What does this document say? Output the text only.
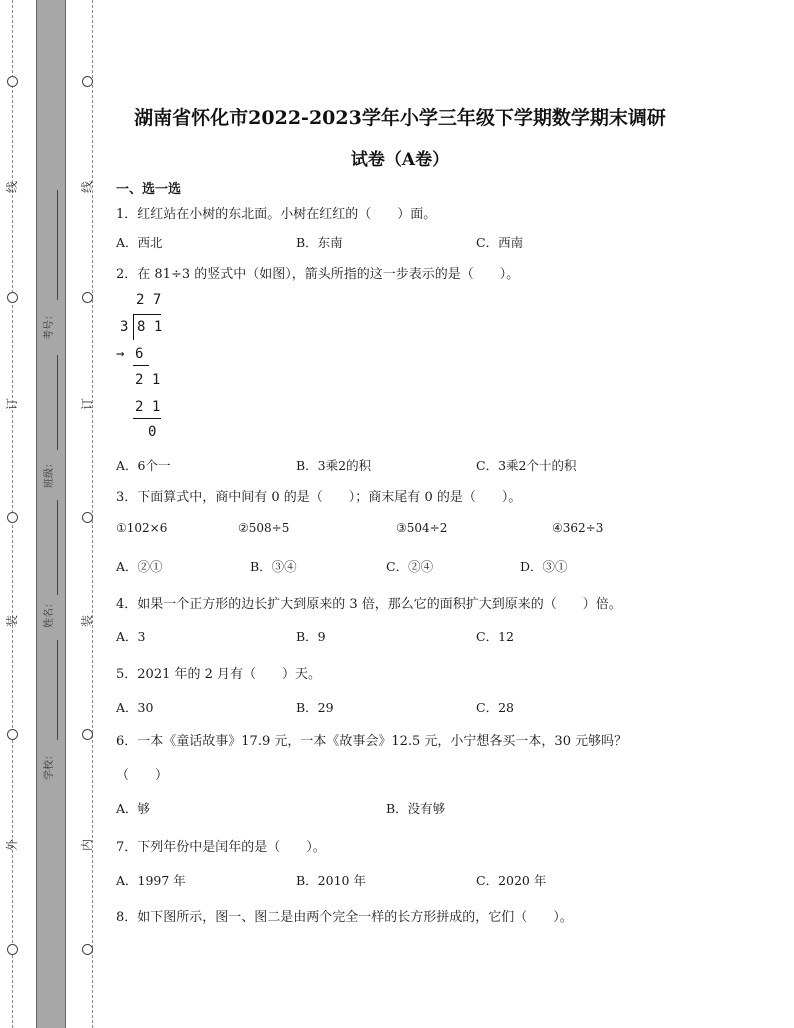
线
订
装
外
线
订
装
内
考号：
班级：
姓名：
学校：
湖南省怀化市2022-2023学年小学三年级下学期数学期末调研
试卷（A卷）
一、选一选
1．红红站在小树的东北面。小树在红红的（　　）面。
A．西北	B．东南	C．西南
2．在 81÷3 的竖式中（如图），箭头所指的这一步表示的是（　　）。
2 7
3 8 1
→ 6
2 1
2 1
0
A．6个一	B．3乘2的积	C．3乘2个十的积
3．下面算式中，商中间有 0 的是（　　）；商末尾有 0 的是（　　）。
①102×6	②508÷5	③504÷2	④362÷3
A．②①	B．③④	C．②④	D．③①
4．如果一个正方形的边长扩大到原来的 3 倍，那么它的面积扩大到原来的（　　）倍。
A．3	B．9	C．12
5．2021 年的 2 月有（　　）天。
A．30	B．29	C．28
6．一本《童话故事》17.9 元，一本《故事会》12.5 元，小宁想各买一本，30 元够吗？
（　　）
A．够	B．没有够
7．下列年份中是闰年的是（　　）。
A．1997 年	B．2010 年	C．2020 年
8．如下图所示，图一、图二是由两个完全一样的长方形拼成的，它们（　　）。
